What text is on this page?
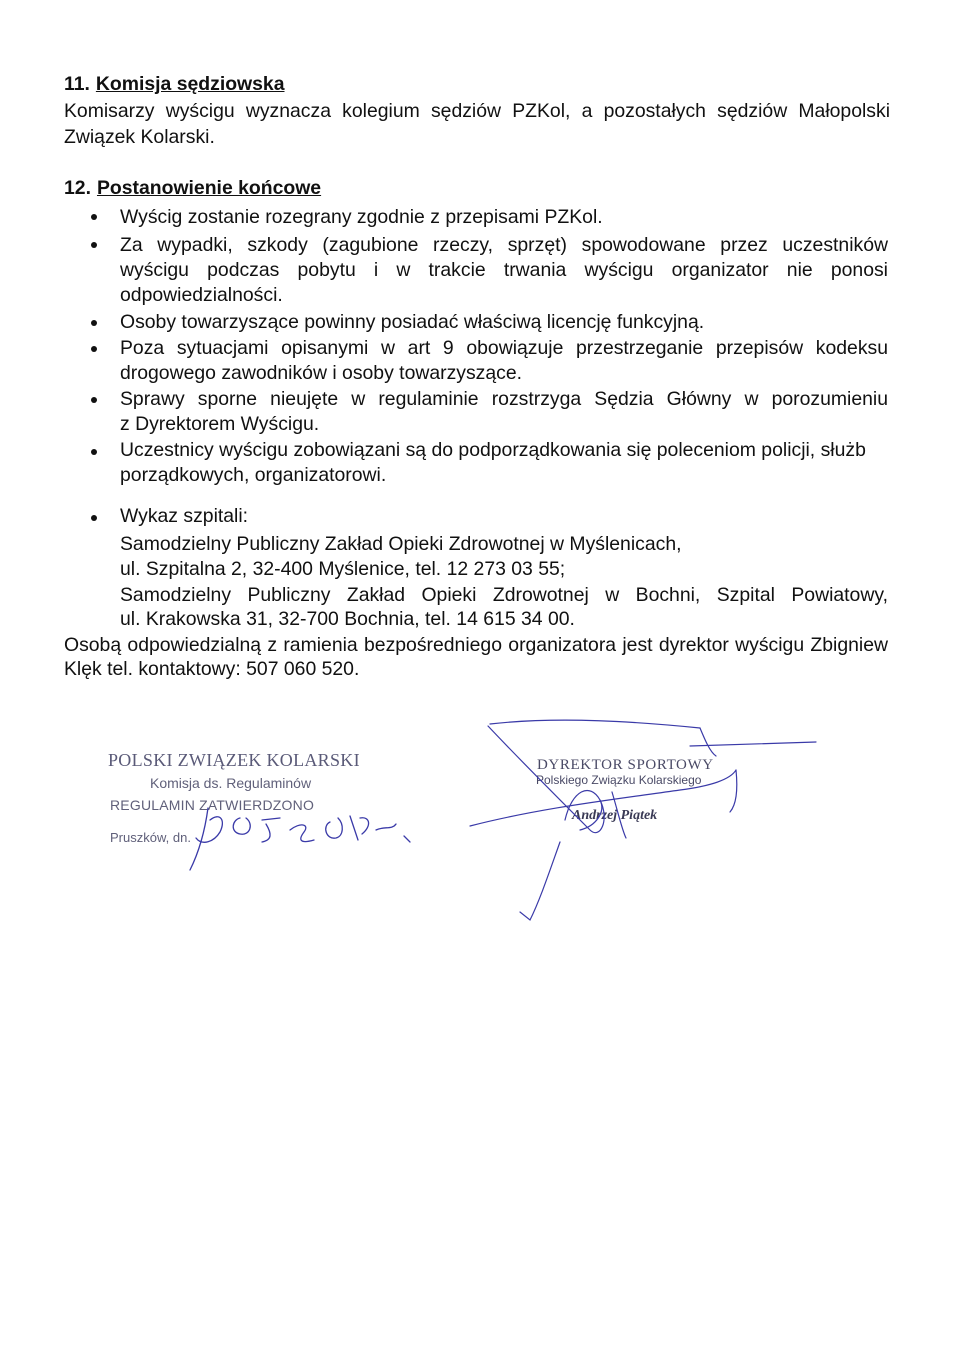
11. Komisja sędziowska
Komisarzy wyścigu wyznacza kolegium sędziów PZKol, a pozostałych sędziów Małopolski
Związek Kolarski.
12. Postanowienie końcowe
Wyścig zostanie rozegrany zgodnie z przepisami PZKol.
Za wypadki, szkody (zagubione rzeczy, sprzęt) spowodowane przez uczestników
wyścigu podczas pobytu i w trakcie trwania wyścigu organizator nie ponosi
odpowiedzialności.
Osoby towarzyszące powinny posiadać właściwą licencję funkcyjną.
Poza sytuacjami opisanymi w art 9 obowiązuje przestrzeganie przepisów kodeksu
drogowego zawodników i osoby towarzyszące.
Sprawy sporne nieujęte w regulaminie rozstrzyga Sędzia Główny w porozumieniu
z Dyrektorem Wyścigu.
Uczestnicy wyścigu zobowiązani są do podporządkowania się poleceniom policji, służb
porządkowych, organizatorowi.
Wykaz szpitali:
Samodzielny Publiczny Zakład Opieki Zdrowotnej w Myślenicach,
ul. Szpitalna 2, 32-400 Myślenice, tel. 12 273 03 55;
Samodzielny Publiczny Zakład Opieki Zdrowotnej w Bochni, Szpital Powiatowy,
ul. Krakowska 31, 32-700 Bochnia, tel. 14 615 34 00.
Osobą odpowiedzialną z ramienia bezpośredniego organizatora jest dyrektor wyścigu Zbigniew
Klęk tel. kontaktowy: 507 060 520.
POLSKI ZWIĄZEK KOLARSKI
Komisja ds. Regulaminów
REGULAMIN ZATWIERDZONO
Pruszków, dn.
DYREKTOR SPORTOWY
Polskiego Związku Kolarskiego
Andrzej Piątek
